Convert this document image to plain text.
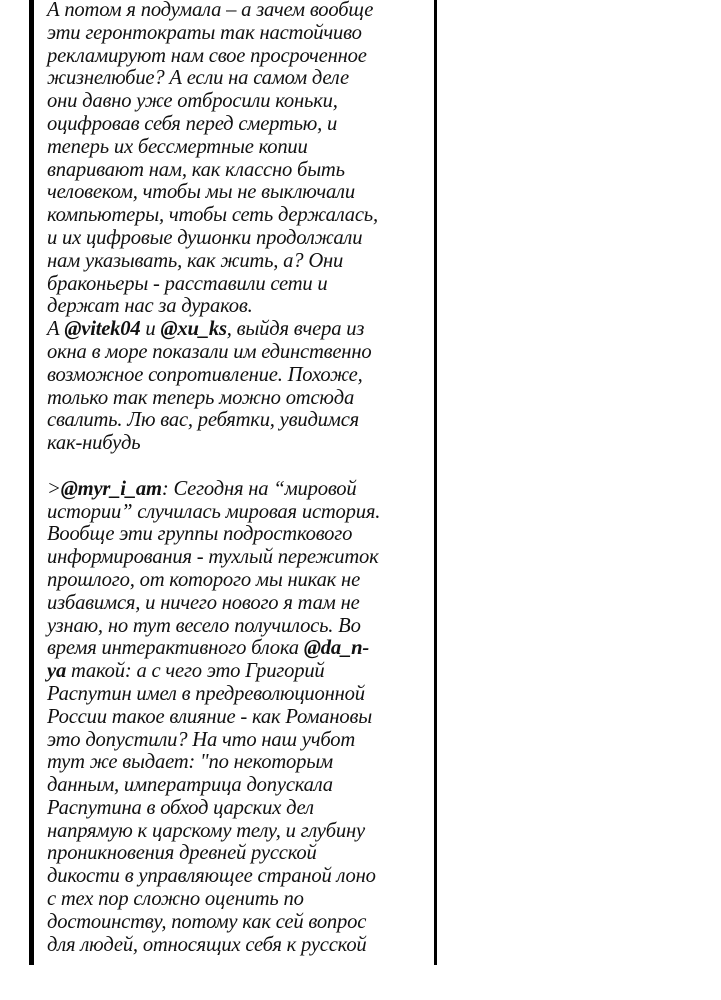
А потом я подумала – а зачем вообще
эти геронтократы так настойчиво
рекламируют нам свое просроченное
жизнелюбие? А если на самом деле
они давно уже отбросили коньки,
оцифровав себя перед смертью, и
теперь их бессмертные копии
впаривают нам, как классно быть
человеком, чтобы мы не выключали
компьютеры, чтобы сеть держалась,
и их цифровые душонки продолжали
нам указывать, как жить, а? Они
браконьеры - расставили сети и
держат нас за дураков.
А @vitek04 и @xu_ks, выйдя вчера из
окна в море показали им единственно
возможное сопротивление. Похоже,
только так теперь можно отсюда
свалить. Лю вас, ребятки, увидимся
как-нибудь
>@myr_i_am: Сегодня на “мировой
истории” случилась мировая история.
Вообще эти группы подросткового
информирования - тухлый пережиток
прошлого, от которого мы никак не
избавимся, и ничего нового я там не
узнаю, но тут весело получилось. Во
время интерактивного блока @da_n-
ya такой: а с чего это Григорий
Распутин имел в предреволюционной
России такое влияние - как Романовы
это допустили? На что наш учбот
тут же выдает: "по некоторым
данным, императрица допускала
Распутина в обход царских дел
напрямую к царскому телу, и глубину
проникновения древней русской
дикости в управляющее страной лоно
с тех пор сложно оценить по
достоинству, потому как сей вопрос
для людей, относящих себя к русской
